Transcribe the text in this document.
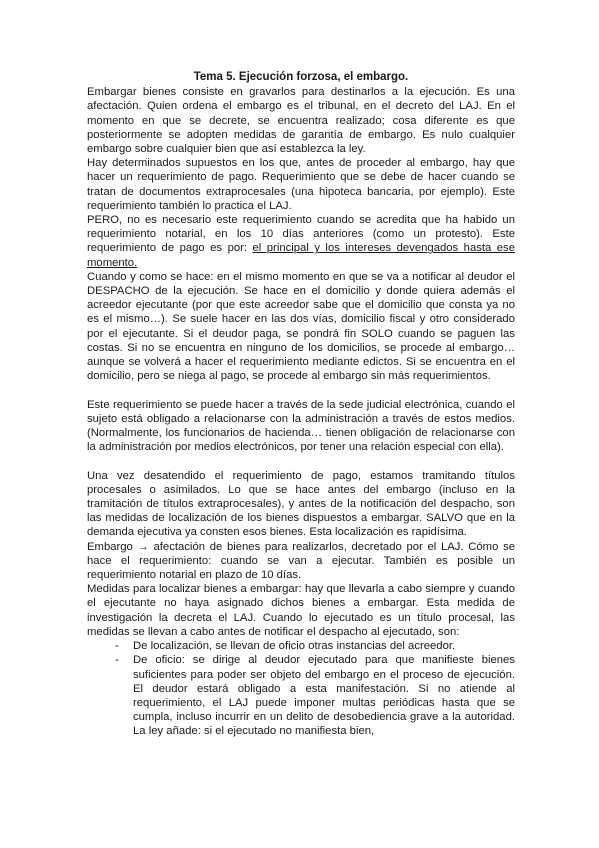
Tema 5. Ejecución forzosa, el embargo.

Embargar bienes consiste en gravarlos para destinarlos a la ejecución. Es una afectación. Quien ordena el embargo es el tribunal, en el decreto del LAJ. En el momento en que se decrete, se encuentra realizado; cosa diferente es que posteriormente se adopten medidas de garantía de embargo. Es nulo cualquier embargo sobre cualquier bien que así establezca la ley.

Hay determinados supuestos en los que, antes de proceder al embargo, hay que hacer un requerimiento de pago. Requerimiento que se debe de hacer cuando se tratan de documentos extraprocesales (una hipoteca bancaria, por ejemplo). Este requerimiento también lo practica el LAJ.

PERO, no es necesario este requerimiento cuando se acredita que ha habido un requerimiento notarial, en los 10 días anteriores (como un protesto). Este requerimiento de pago es por: el principal y los intereses devengados hasta ese momento.

Cuando y como se hace: en el mismo momento en que se va a notificar al deudor el DESPACHO de la ejecución. Se hace en el domicilio y donde quiera además el acreedor ejecutante (por que este acreedor sabe que el domicilio que consta ya no es el mismo…). Se suele hacer en las dos vías, domicilio fiscal y otro considerado por el ejecutante. Si el deudor paga, se pondrá fin SOLO cuando se paguen las costas. Si no se encuentra en ninguno de los domicilios, se procede al embargo… aunque se volverá a hacer el requerimiento mediante edictos. Si se encuentra en el domicilio, pero se niega al pago, se procede al embargo sin más requerimientos.

Este requerimiento se puede hacer a través de la sede judicial electrónica, cuando el sujeto está obligado a relacionarse con la administración a través de estos medios. (Normalmente, los funcionarios de hacienda… tienen obligación de relacionarse con la administración por medios electrónicos, por tener una relación especial con ella).

Una vez desatendido el requerimiento de pago, estamos tramitando títulos procesales o asimilados. Lo que se hace antes del embargo (incluso en la tramitación de títulos extraprocesales), y antes de la notificación del despacho, son las medidas de localización de los bienes dispuestos a embargar. SALVO que en la demanda ejecutiva ya consten esos bienes. Esta localización es rapidísima.

Embargo → afectación de bienes para realizarlos, decretado por el LAJ. Cómo se hace el requerimiento: cuando se van a ejecutar. También es posible un requerimiento notarial en plazo de 10 días.

Medidas para localizar bienes a embargar: hay que llevarla a cabo siempre y cuando el ejecutante no haya asignado dichos bienes a embargar. Esta medida de investigación la decreta el LAJ. Cuando lo ejecutado es un título procesal, las medidas se llevan a cabo antes de notificar el despacho al ejecutado, son:

- De localización, se llevan de oficio otras instancias del acreedor.
- De oficio: se dirige al deudor ejecutado para que manifieste bienes suficientes para poder ser objeto del embargo en el proceso de ejecución. El deudor estará obligado a esta manifestación. Si no atiende al requerimiento, el LAJ puede imponer multas periódicas hasta que se cumpla, incluso incurrir en un delito de desobediencia grave a la autoridad. La ley añade: si el ejecutado no manifiesta bien,
